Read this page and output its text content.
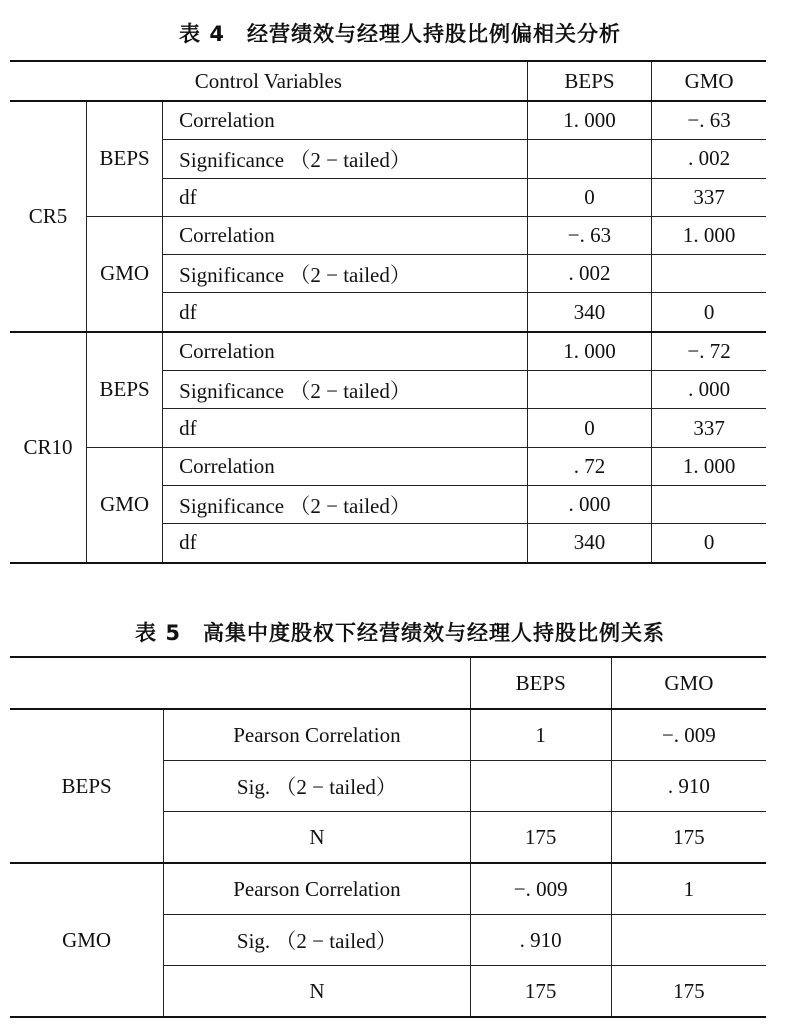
表 4 经营绩效与经理人持股比例偏相关分析
Control Variables			BEPS	GMO
CR5	BEPS	Correlation	1. 000	−. 63
		Significance （2 − tailed）		. 002
		df	0	337
	GMO	Correlation	−. 63	1. 000
		Significance （2 − tailed）	. 002	
		df	340	0
CR10	BEPS	Correlation	1. 000	−. 72
		Significance （2 − tailed）		. 000
		df	0	337
	GMO	Correlation	. 72	1. 000
		Significance （2 − tailed）	. 000	
		df	340	0
表 5 高集中度股权下经营绩效与经理人持股比例关系
		BEPS	GMO
BEPS	Pearson Correlation	1	−. 009
	Sig. （2 − tailed）		. 910
	N	175	175
GMO	Pearson Correlation	−. 009	1
	Sig. （2 − tailed）	. 910	
	N	175	175
